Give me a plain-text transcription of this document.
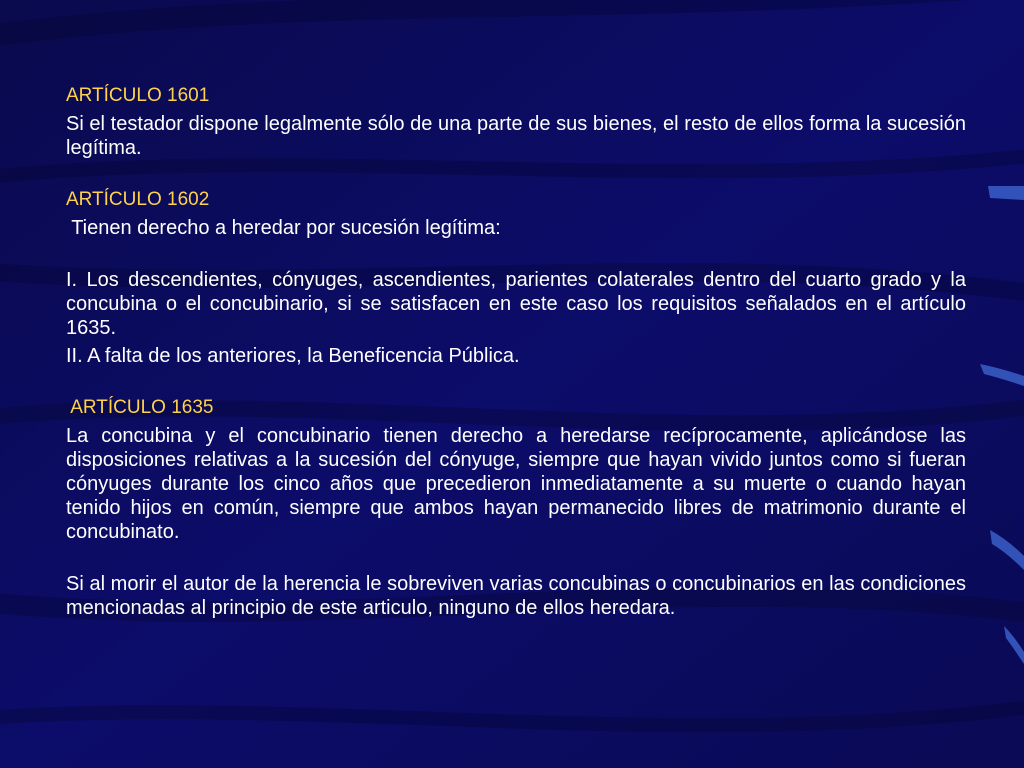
ARTÍCULO 1601

Si el testador dispone legalmente sólo de una parte de sus bienes, el resto de ellos forma la sucesión legítima.

ARTÍCULO 1602

Tienen derecho a heredar por sucesión legítima:

I. Los descendientes, cónyuges, ascendientes, parientes colaterales dentro del cuarto grado y la concubina o el concubinario, si se satisfacen en este caso los requisitos señalados en el artículo 1635.

II. A falta de los anteriores, la Beneficencia Pública.

ARTÍCULO 1635

La concubina y el concubinario tienen derecho a heredarse recíprocamente, aplicándose las disposiciones relativas a la sucesión del cónyuge, siempre que hayan vivido juntos como si fueran cónyuges durante los cinco años que precedieron inmediatamente a su muerte o cuando hayan tenido hijos en común, siempre que ambos hayan permanecido libres de matrimonio durante el concubinato.

Si al morir el autor de la herencia le sobreviven varias concubinas o concubinarios en las condiciones mencionadas al principio de este articulo, ninguno de ellos heredara.
